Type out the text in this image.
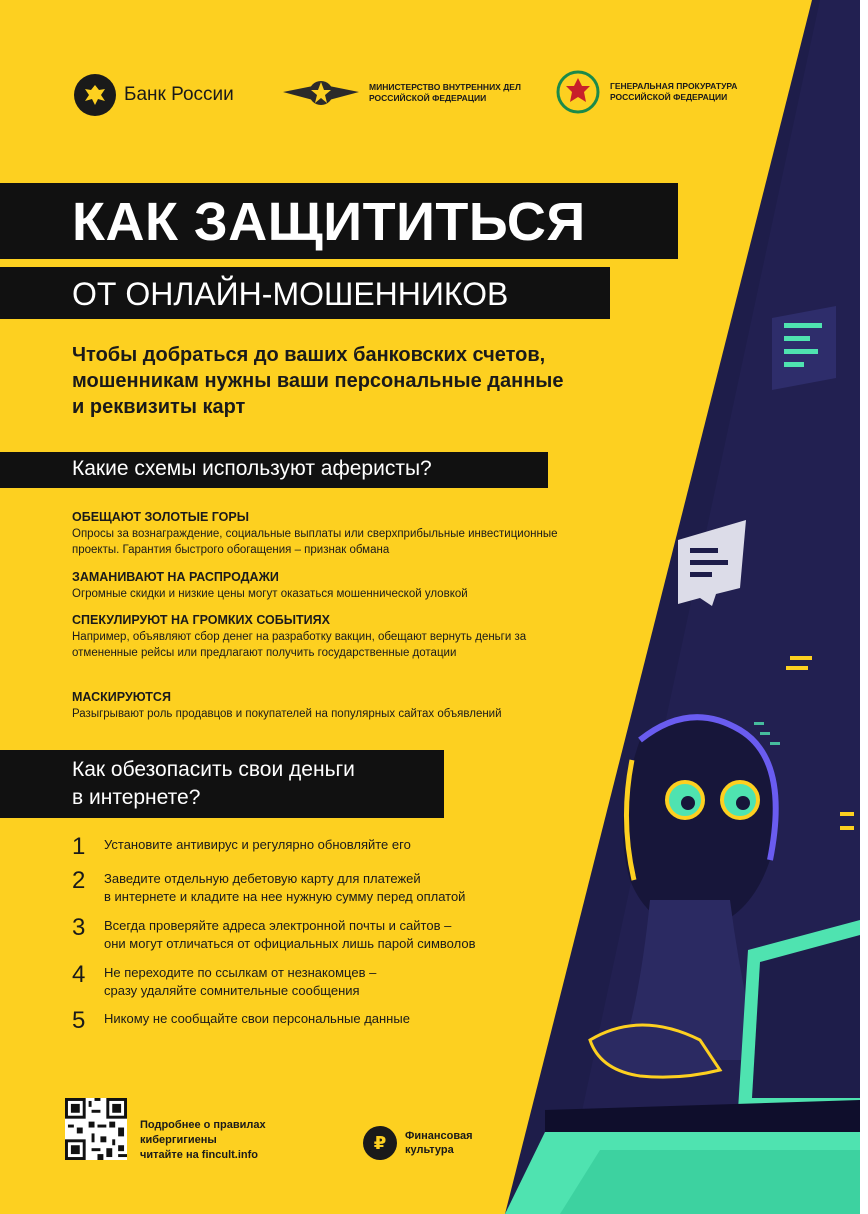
Банк России	МИНИСТЕРСТВО ВНУТРЕННИХ ДЕЛ
РОССИЙСКОЙ ФЕДЕРАЦИИ
ГЕНЕРАЛЬНАЯ ПРОКУРАТУРА
РОССИЙСКОЙ ФЕДЕРАЦИИ
КАК ЗАЩИТИТЬСЯ
ОТ ОНЛАЙН-МОШЕННИКОВ
Чтобы добраться до ваших банковских счетов,
мошенникам нужны ваши персональные данные
и реквизиты карт
Какие схемы используют аферисты?
ОБЕЩАЮТ ЗОЛОТЫЕ ГОРЫ
Опросы за вознаграждение, социальные выплаты или сверхприбыльные инвестиционные проекты. Гарантия быстрого обогащения – признак обмана
ЗАМАНИВАЮТ НА РАСПРОДАЖИ
Огромные скидки и низкие цены могут оказаться мошеннической уловкой
СПЕКУЛИРУЮТ НА ГРОМКИХ СОБЫТИЯХ
Например, объявляют сбор денег на разработку вакцин, обещают вернуть деньги за отмененные рейсы или предлагают получить государственные дотации
МАСКИРУЮТСЯ
Разыгрывают роль продавцов и покупателей на популярных сайтах объявлений
Как обезопасить свои деньги
в интернете?
1	Установите антивирус и регулярно обновляйте его
2	Заведите отдельную дебетовую карту для платежей
в интернете и кладите на нее нужную сумму перед оплатой
3	Всегда проверяйте адреса электронной почты и сайтов –
они могут отличаться от официальных лишь парой символов
4	Не переходите по ссылкам от незнакомцев –
сразу удаляйте сомнительные сообщения
5	Никому не сообщайте свои персональные данные
Подробнее о правилах
кибергигиены
читайте на fincult.info
₽	Финансовая
культура
